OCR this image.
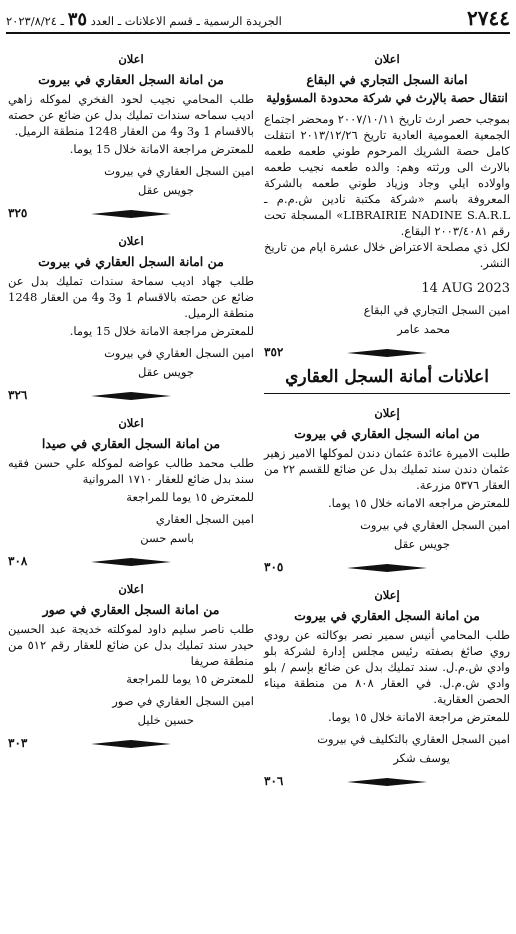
٢٧٤٤
الجريدة الرسمية ـ قسم الاعلانات ـ العدد ٣٥ ـ ٢٠٢٣/٨/٢٤
اعلان
امانة السجل التجاري في البقاع
انتقال حصة بالإرث في شركة محدودة المسؤولية

بموجب حصر ارث تاريخ ٢٠٠٧/١٠/١١ ومحضر اجتماع الجمعية العمومية العادية تاريخ ٢٠١٣/١٢/٢٦ انتقلت كامل حصة الشريك المرحوم طوني طعمه طعمه بالارث الى ورثته وهم: والده طعمه نجيب طعمه واولاده ايلي وجاد وزياد طوني طعمه بالشركة المعروفة باسم «شركة مكتبة نادين ش.م.م ـ LIBRAIRIE NADINE S.A.R.L» المسجلة تحت رقم ٢٠٠٣/٤٠٨١ البقاع.

لكل ذي مصلحة الاعتراض خلال عشرة ايام من تاريخ النشر.

14 AUG 2023
امين السجل التجاري في البقاع
محمد عامر
٣٥٢
اعلانات أمانة السجل العقاري
إعلان
من امانه السجل العقاري في بيروت

طلبت الاميرة عائدة عثمان دندن لموكلها الامير زهير عثمان دندن سند تمليك بدل عن ضائع للقسم ٢٢ من العقار ٥٣٧٦ مزرعة.

للمعترض مراجعه الامانه خلال ١٥ يوما.
امين السجل العقاري في بيروت
جويس عقل
٣٠٥
إعلان
من امانة السجل العقاري في بيروت

طلب المحامي أنيس سمير نصر بوكالته عن رودي روي صائغ بصفته رئيس مجلس إدارة لشركة بلو وادي ش.م.ل. سند تمليك بدل عن ضائع بإسم / بلو وادي ش.م.ل. في العقار ٨٠٨ من منطقة ميناء الحصن العقارية.

للمعترض مراجعة الامانة خلال ١٥ يوما.
امين السجل العقاري بالتكليف في بيروت
يوسف شكر
٣٠٦
اعلان
من امانة السجل العقاري في بيروت

طلب المحامي نجيب لحود الفخري لموكله زاهي اديب سماحه سندات تمليك بدل عن ضائع عن حصته بالاقسام 1 و3 و4 من العقار 1248 منطقة الرميل.

للمعترض مراجعة الامانة خلال 15 يوما.
امين السجل العقاري في بيروت
جويس عقل
٣٢٥
اعلان
من امانة السجل العقاري في بيروت

طلب جهاد اديب سماحة سندات تمليك بدل عن ضائع عن حصته بالاقسام 1 و3 و4 من العقار 1248 منطقة الرميل.

للمعترض مراجعة الامانة خلال 15 يوما.
امين السجل العقاري في بيروت
جويس عقل
٣٢٦
اعلان
من امانة السجل العقاري في صيدا

طلب محمد طالب عواضه لموكله علي حسن فقيه سند بدل ضائع للعقار ١٧١٠ المروانية

للمعترض ١٥ يوما للمراجعة
امين السجل العقاري
باسم حسن
٣٠٨
اعلان
من امانة السجل العقاري في صور

طلب ناصر سليم داود لموكلته خديجة عبد الحسين حيدر سند تمليك بدل عن ضائع للعقار رقم ٥١٢ من منطقة صريفا

للمعترض ١٥ يوما للمراجعة
امين السجل العقاري في صور
حسين خليل
٣٠٣
